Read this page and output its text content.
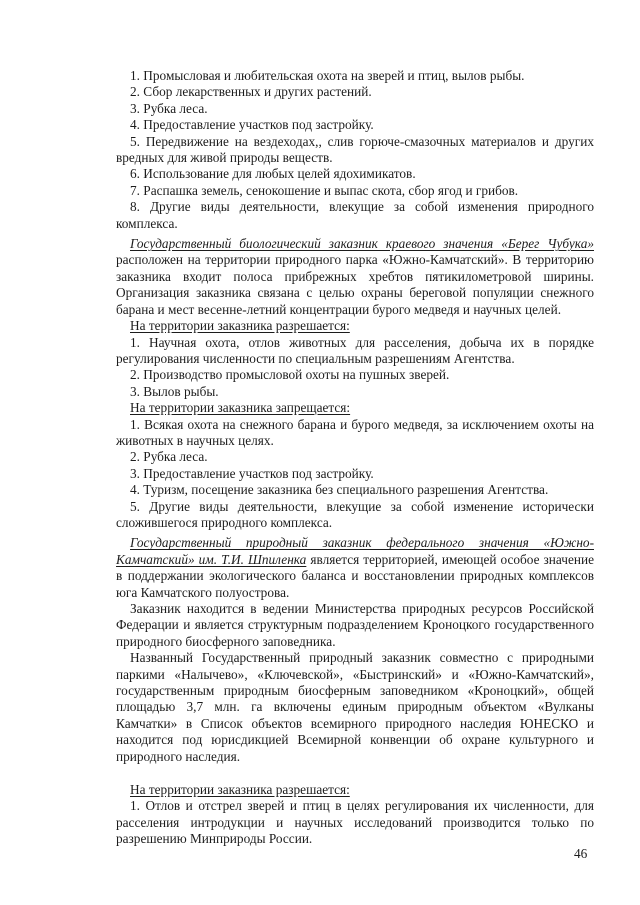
1. Промысловая и любительская охота на зверей и птиц, вылов рыбы.

2. Сбор лекарственных и других растений.

3. Рубка леса.

4. Предоставление участков под застройку.

5. Передвижение на вездеходах,, слив горюче-смазочных материалов и других вредных для живой природы веществ.

6. Использование для любых целей ядохимикатов.

7. Распашка земель, сенокошение и выпас скота, сбор ягод и грибов.

8. Другие виды деятельности, влекущие за собой изменения природного комплекса.

Государственный биологический заказник краевого значения «Берег Чубука» расположен на территории природного парка «Южно-Камчатский». В территорию заказника входит полоса прибрежных хребтов пятикилометровой ширины. Организация заказника связана с целью охраны береговой популяции снежного барана и мест весенне-летний концентрации бурого медведя и научных целей.

На территории заказника разрешается:

1. Научная охота, отлов животных для расселения, добыча их в порядке регулирования численности по специальным разрешениям Агентства.

2. Производство промысловой охоты на пушных зверей.

3. Вылов рыбы.

На территории заказника запрещается:

1. Всякая охота на снежного барана и бурого медведя, за исключением охоты на животных в научных целях.

2. Рубка леса.

3. Предоставление участков под застройку.

4. Туризм, посещение заказника без специального разрешения Агентства.

5. Другие виды деятельности, влекущие за собой изменение исторически сложившегося природного комплекса.

Государственный природный заказник федерального значения «Южно-Камчатский» им. Т.И. Шпиленка является территорией, имеющей особое значение в поддержании экологического баланса и восстановлении природных комплексов юга Камчатского полуострова.

Заказник находится в ведении Министерства природных ресурсов Российской Федерации и является структурным подразделением Кроноцкого государственного природного биосферного заповедника.

Названный Государственный природный заказник совместно с природными паркими «Налычево», «Ключевской», «Быстринский» и «Южно-Камчатский», государственным природным биосферным заповедником «Кроноцкий», общей площадью 3,7 млн. га включены единым природным объектом «Вулканы Камчатки» в Список объектов всемирного природного наследия ЮНЕСКО и находится под юрисдикцией Всемирной конвенции об охране культурного и природного наследия.

На территории заказника разрешается:

1. Отлов и отстрел зверей и птиц в целях регулирования их численности, для расселения интродукции и научных исследований производится только по разрешению Минприроды России.

46
